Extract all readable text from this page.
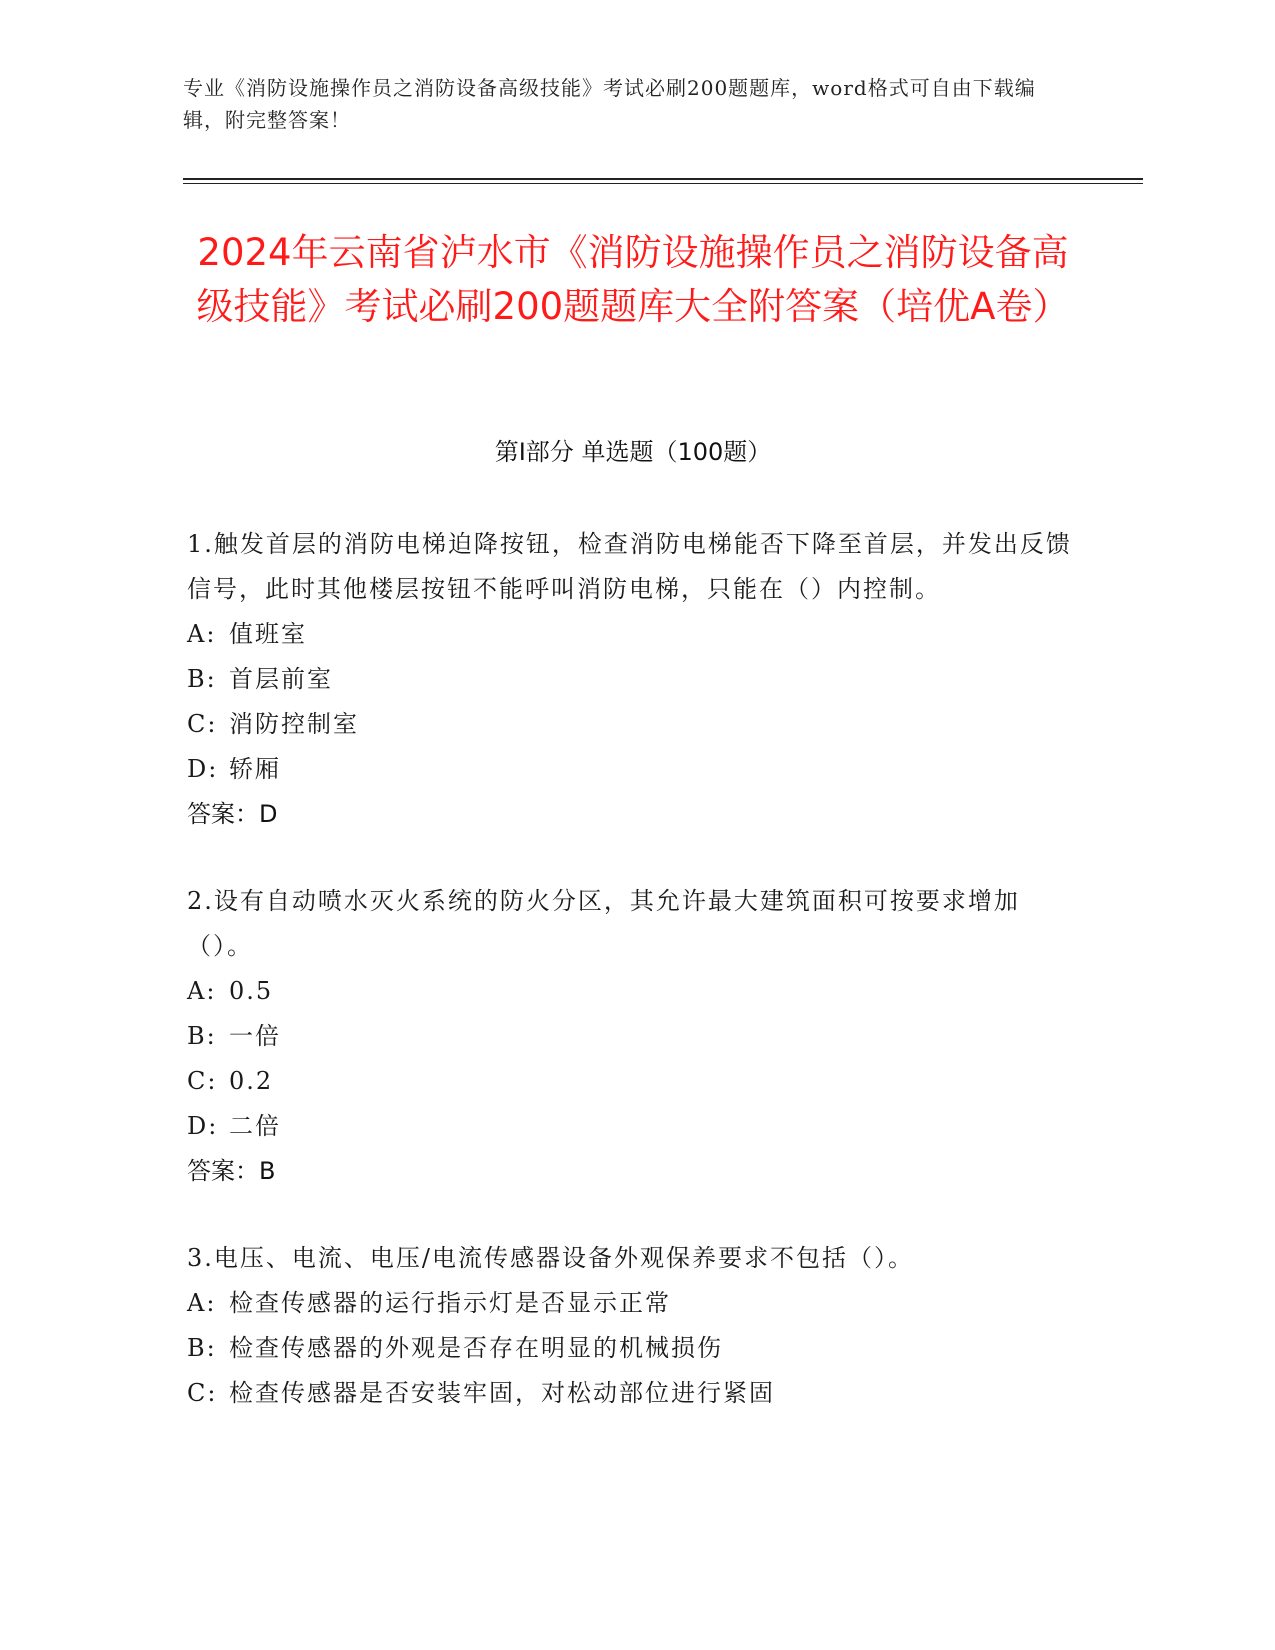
专业《消防设施操作员之消防设备高级技能》考试必刷200题题库，word格式可自由下载编辑，附完整答案！
2024年云南省泸水市《消防设施操作员之消防设备高级技能》考试必刷200题题库大全附答案（培优A卷）
第Ⅰ部分 单选题（100题）
1.触发首层的消防电梯迫降按钮，检查消防电梯能否下降至首层，并发出反馈信号，此时其他楼层按钮不能呼叫消防电梯，只能在（）内控制。
A: 值班室
B: 首层前室
C: 消防控制室
D: 轿厢
答案：D
2.设有自动喷水灭火系统的防火分区，其允许最大建筑面积可按要求增加（）。
A: 0.5
B: 一倍
C: 0.2
D: 二倍
答案：B
3.电压、电流、电压/电流传感器设备外观保养要求不包括（）。
A: 检查传感器的运行指示灯是否显示正常
B: 检查传感器的外观是否存在明显的机械损伤
C: 检查传感器是否安装牢固，对松动部位进行紧固
